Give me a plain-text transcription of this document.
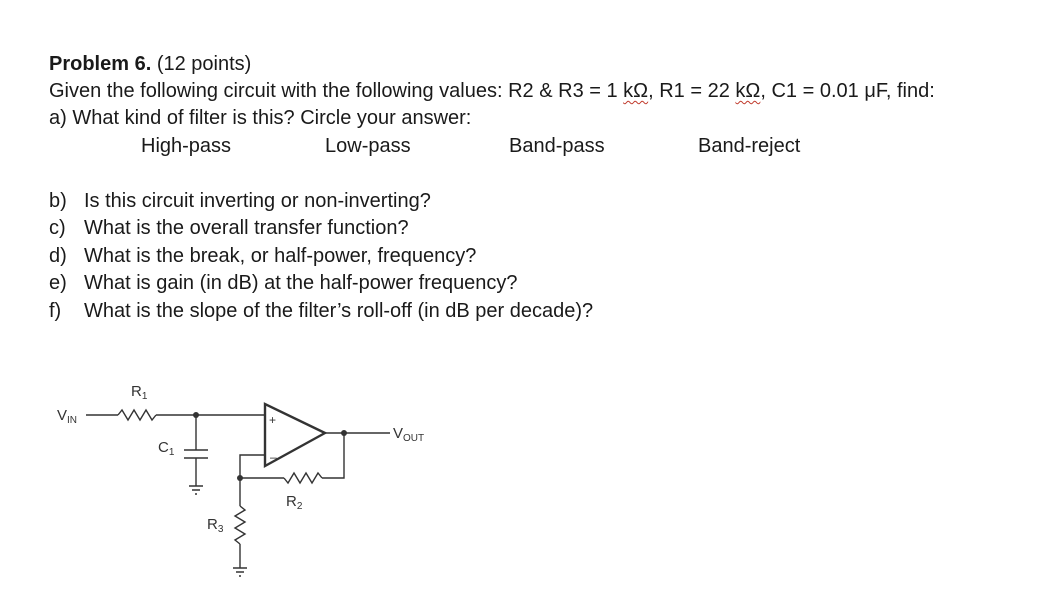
Problem 6. (12 points)
Given the following circuit with the following values: R2 & R3 = 1 kΩ, R1 = 22 kΩ, C1 = 0.01 μF, find:
a) What kind of filter is this? Circle your answer:
High-pass	Low-pass	Band-pass	Band-reject
b) Is this circuit inverting or non-inverting?
c) What is the overall transfer function?
d) What is the break, or half-power, frequency?
e) What is gain (in dB) at the half-power frequency?
f) What is the slope of the filter’s roll-off (in dB per decade)?
+
–
$V_{IN}$
$V_{OUT}$
$R_1$
$C_1$
$R_2$
$R_3$
